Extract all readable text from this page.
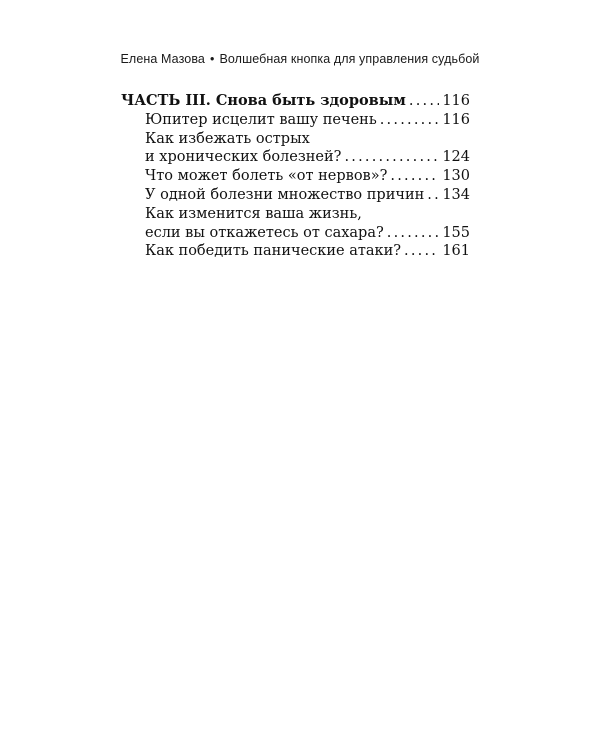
Елена Мазова • Волшебная кнопка для управления судьбой
ЧАСТЬ III. Снова быть здоровым . . .	116
Юпитер исцелит вашу печень . . .	116
Как избежать острых
и хронических болезней? . . .	124
Что может болеть «от нервов»? . . .	130
У одной болезни множество причин . . . 134
Как изменится ваша жизнь,
если вы откажетесь от сахара? . . .	155
Как победить панические атаки? . . .	161
